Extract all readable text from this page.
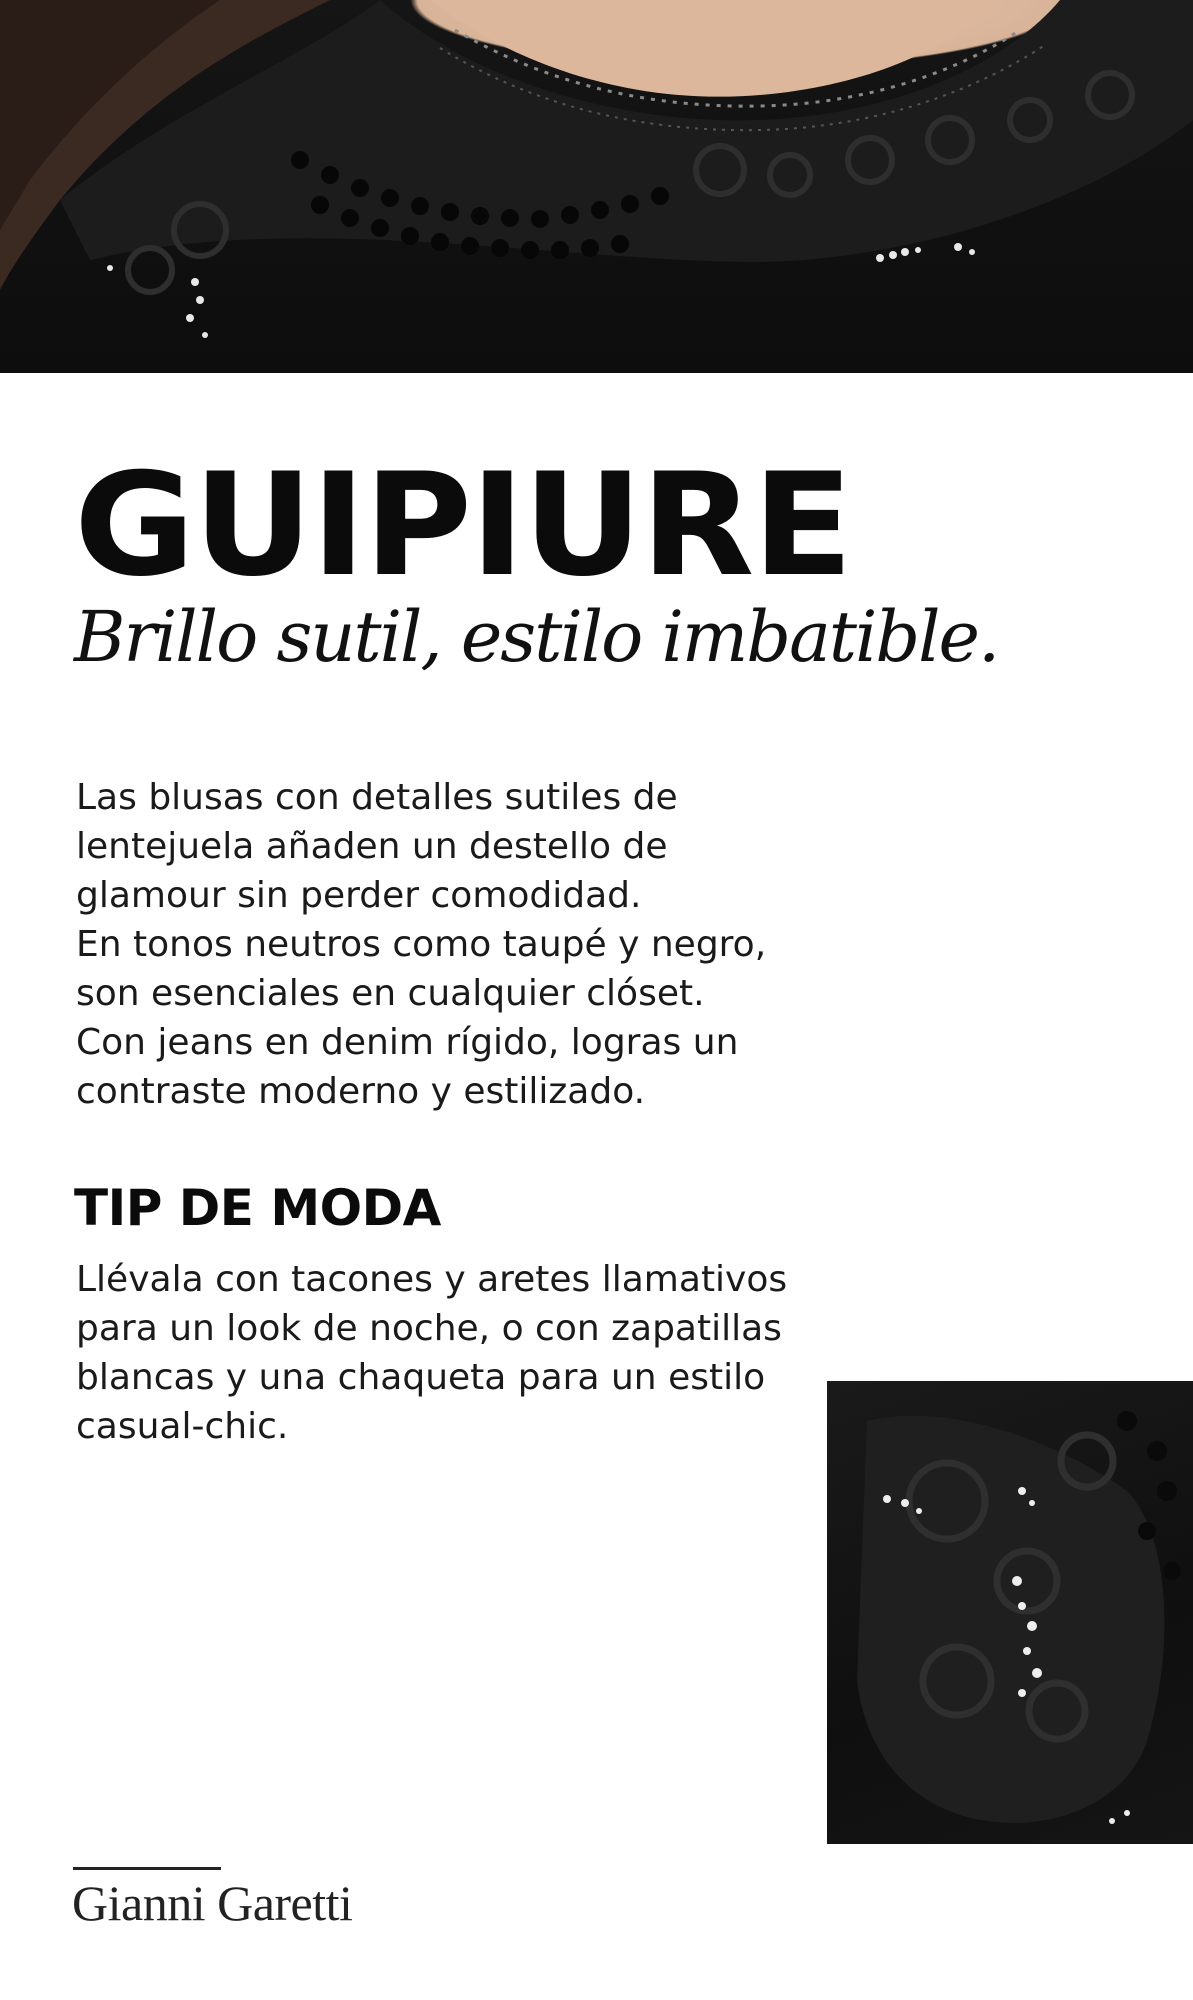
GUIPIURE
Brillo sutil, estilo imbatible.
Las blusas con detalles sutiles de
lentejuela añaden un destello de
glamour sin perder comodidad.
En tonos neutros como taupé y negro,
son esenciales en cualquier clóset.
Con jeans en denim rígido, logras un
contraste moderno y estilizado.
TIP DE MODA
Llévala con tacones y aretes llamativos
para un look de noche, o con zapatillas
blancas y una chaqueta para un estilo
casual-chic.
Gianni Garetti
